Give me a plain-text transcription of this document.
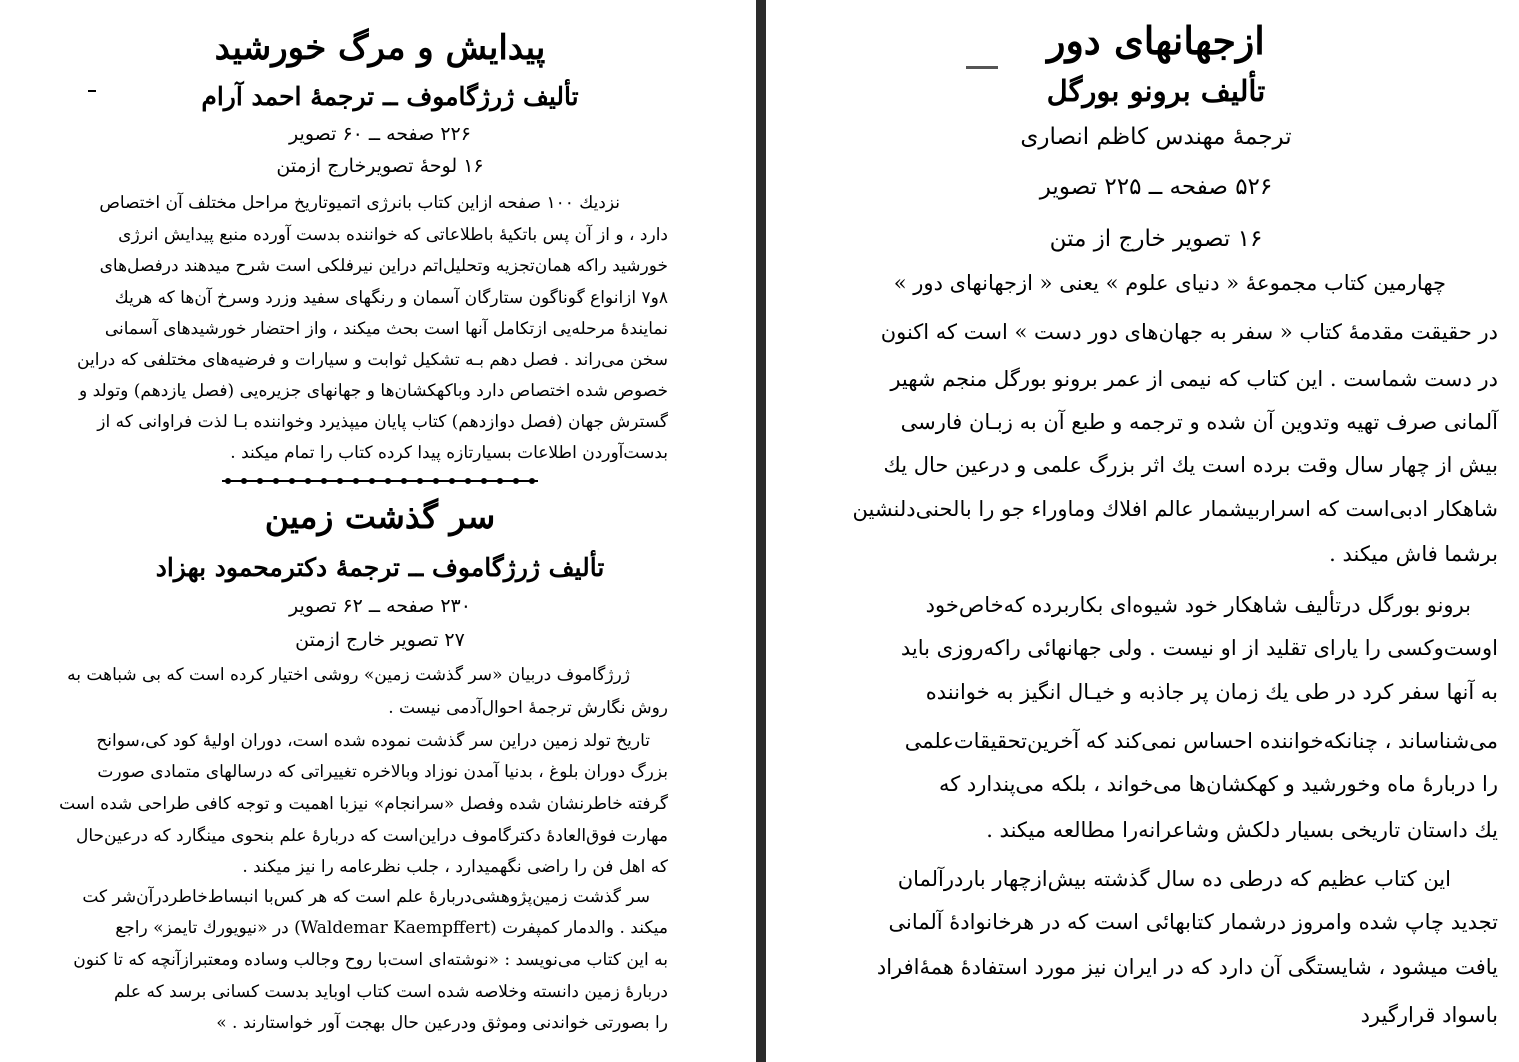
پیدایش و مرگ خورشید
تألیف ژرژگاموف ــ ترجمهٔ احمد آرام
۲۲۶ صفحه ــ ۶۰ تصویر
۱۶ لوحهٔ تصویرخارج ازمتن
نزدیك ۱۰۰ صفحه ازاین کتاب بانرژی اتمیوتاریخ مراحل مختلف آن اختصاص
دارد ، و از آن پس باتکیهٔ باطلاعاتی که خواننده بدست آورده منبع پیدایش انرژی
خورشید راکه همان‌تجزیه وتحلیل‌اتم دراین نیرفلکی است شرح میدهند درفصل‌های
۸و۷ ازانواع گوناگون ستارگان آسمان و رنگهای سفید وزرد وسرخ آن‌ها که هریك
نمایندهٔ مرحله‌یی ازتکامل آنها است بحث میکند ، واز احتضار خورشیدهای آسمانی
سخن می‌راند . فصل دهم بـه تشکیل ثوابت و سیارات و فرضیه‌های مختلفی که دراین
خصوص شده اختصاص دارد وباکهکشان‌ها و جهانهای جزیره‌یی (فصل یازدهم) وتولد و
گسترش جهان (فصل دوازدهم) کتاب پایان میپذیرد وخواننده بـا لذت فراوانی که از
بدست‌آوردن اطلاعات بسیارتازه پیدا کرده کتاب را تمام میکند .
سر گذشت زمین
تألیف ژرژگاموف ــ ترجمهٔ دکترمحمود بهزاد
۲۳۰ صفحه ــ ۶۲ تصویر
۲۷ تصویر خارج ازمتن
ژرژگاموف دربیان «سر گذشت زمین» روشی اختیار کرده است که بی شباهت به
روش نگارش ترجمهٔ احوال‌آدمی نیست .
تاریخ تولد زمین دراین سر گذشت نموده شده است، دوران اولیهٔ کود کی،سوانح
بزرگ دوران بلوغ ، بدنیا آمدن نوزاد وبالاخره تغییراتی که درسالهای متمادی صورت
گرفته خاطرنشان شده وفصل «سرانجام» نیزبا اهمیت و توجه کافی طراحی شده است
مهارت فوق‌العادهٔ دکترگاموف دراین‌است که دربارهٔ علم بنحوی مینگارد که درعین‌حال
که اهل فن را راضی نگهمیدارد ، جلب نظرعامه را نیز میکند .
سر گذشت زمین‌پژوهشی‌دربارهٔ علم است که هر کس‌با انبساط‌خاطردرآن‌شر کت
میکند . والدمار کمپفرت (Waldemar Kaempffert) در «نیویورك تایمز» راجع
به این کتاب می‌نویسد : «نوشته‌ای است‌با روح وجالب وساده ومعتبرازآنچه که تا کنون
دربارهٔ زمین دانسته وخلاصه شده است کتاب اوباید بدست کسانی برسد که علم
را بصورتی خواندنی وموثق ودرعین حال بهجت آور خواستارند . »
ازجهانهای دور
تألیف برونو بورگل
ترجمهٔ مهندس کاظم انصاری
۵۲۶ صفحه ــ ۲۲۵ تصویر
۱۶ تصویر خارج از متن
چهارمین کتاب مجموعهٔ « دنیای علوم » یعنی « ازجهانهای دور »
در حقیقت مقدمهٔ کتاب « سفر به جهان‌های دور دست » است که اکنون
در دست شماست . این کتاب که نیمی از عمر برونو بورگل منجم شهیر
آلمانی صرف تهیه وتدوین آن شده و ترجمه و طبع آن به زبـان فارسی
بیش از چهار سال وقت برده است یك اثر بزرگ علمی و درعین حال یك
شاهکار ادبی‌است که اسراربیشمار عالم افلاك وماوراء جو را بالحنی‌دلنشین
برشما فاش میکند .
برونو بورگل درتألیف شاهکار خود شیوه‌ای بکاربرده که‌خاص‌خود
اوست‌وکسی را یارای تقلید از او نیست . ولی جهانهائی راکه‌روزی باید
به آنها سفر کرد در طی یك زمان پر جاذبه و خیـال انگیز به خواننده
می‌شناساند ، چنانکه‌خواننده احساس نمی‌کند که آخرین‌تحقیقات‌علمی
را دربارهٔ ماه وخورشید و کهکشان‌ها می‌خواند ، بلکه می‌پندارد که
یك داستان تاریخی بسیار دلکش وشاعرانه‌را مطالعه میکند .
این کتاب عظیم که درطی ده سال گذشته بیش‌ازچهار باردرآلمان
تجدید چاپ شده وامروز درشمار کتابهائی است که در هرخانوادهٔ آلمانی
یافت میشود ، شایستگی آن دارد که در ایران نیز مورد استفادهٔ همهٔ‌افراد
باسواد قرار‌گیرد
